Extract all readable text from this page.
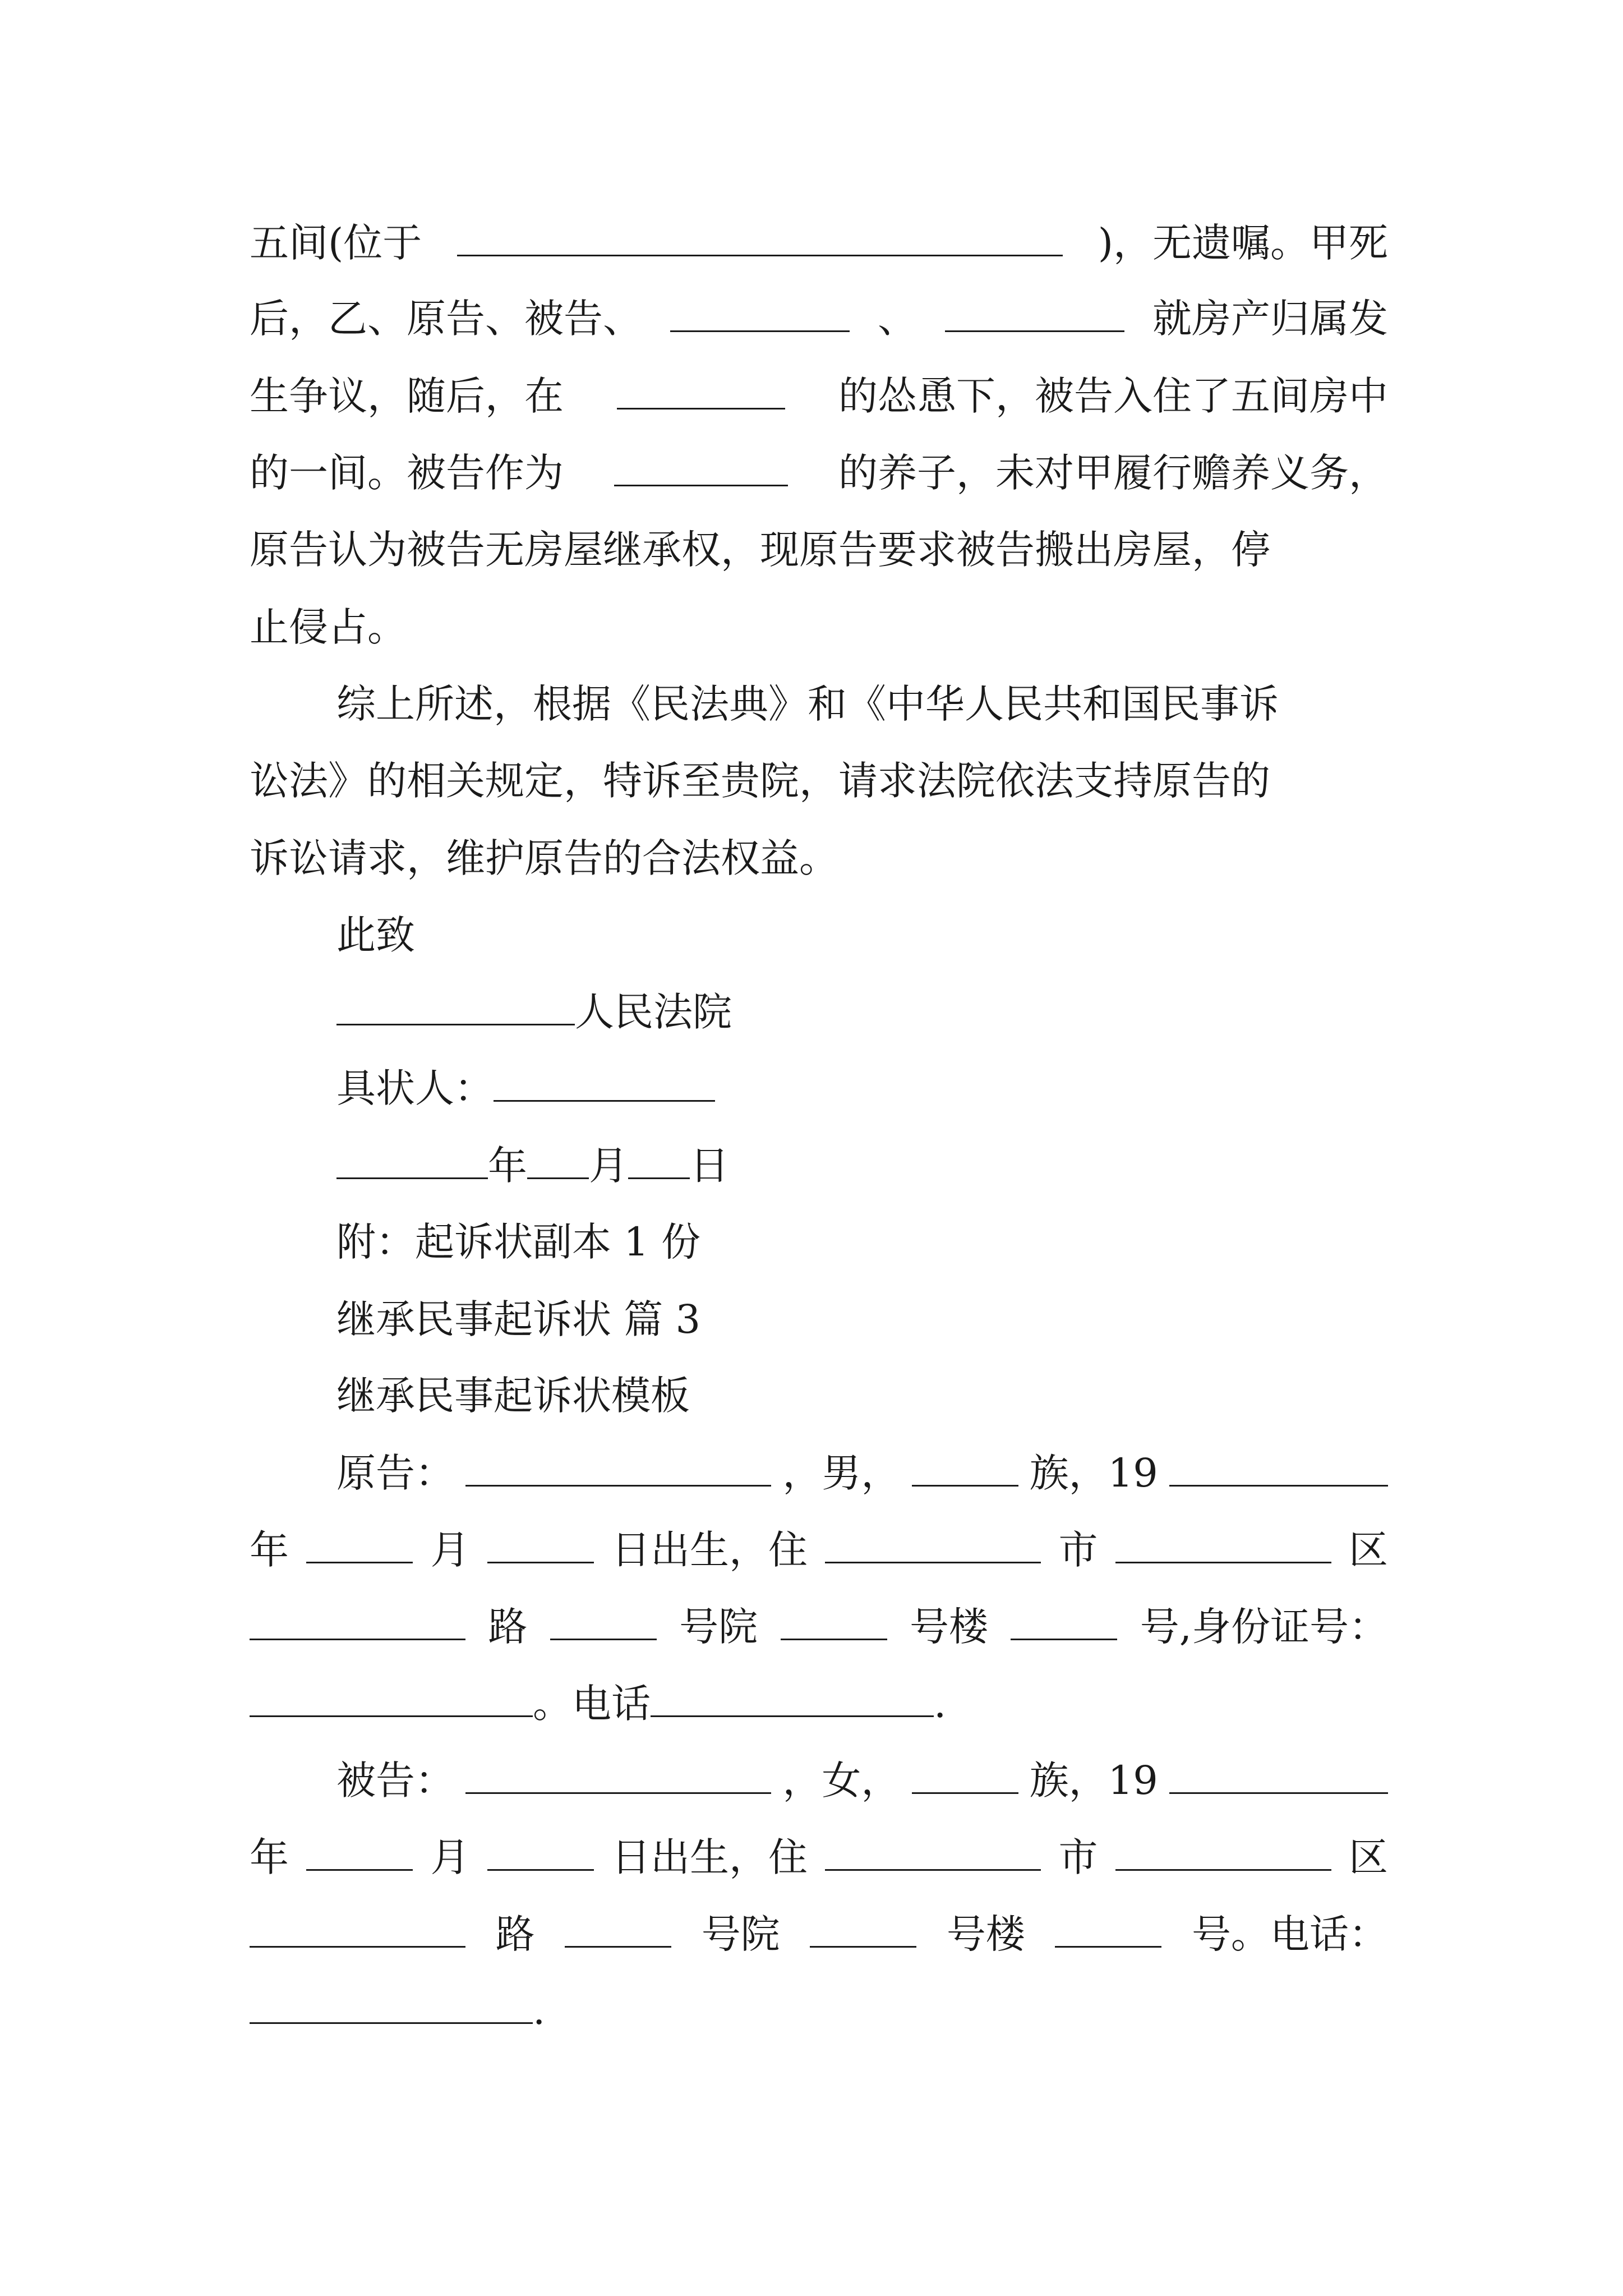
五间(位于	)，无遗嘱。甲死
后，乙、原告、被告、	、	就房产归属发
生争议，随后，在	的怂恿下，被告入住了五间房中
的一间。被告作为	的养子，未对甲履行赡养义务，
原告认为被告无房屋继承权，现原告要求被告搬出房屋，停
止侵占。
综上所述，根据《民法典》和《中华人民共和国民事诉
讼法》的相关规定，特诉至贵院，请求法院依法支持原告的
诉讼请求，维护原告的合法权益。
此致
人民法院
具状人：
年 月 日
附：起诉状副本 1 份
继承民事起诉状 篇 3
继承民事起诉状模板
原告：	，男，	族，19
年	月	日出生，住	市	区
路	号院	号楼	号,身份证号：
。电话	.
被告：	，女，	族，19
年	月	日出生，住	市	区
路	号院	号楼	号。电话：
.
